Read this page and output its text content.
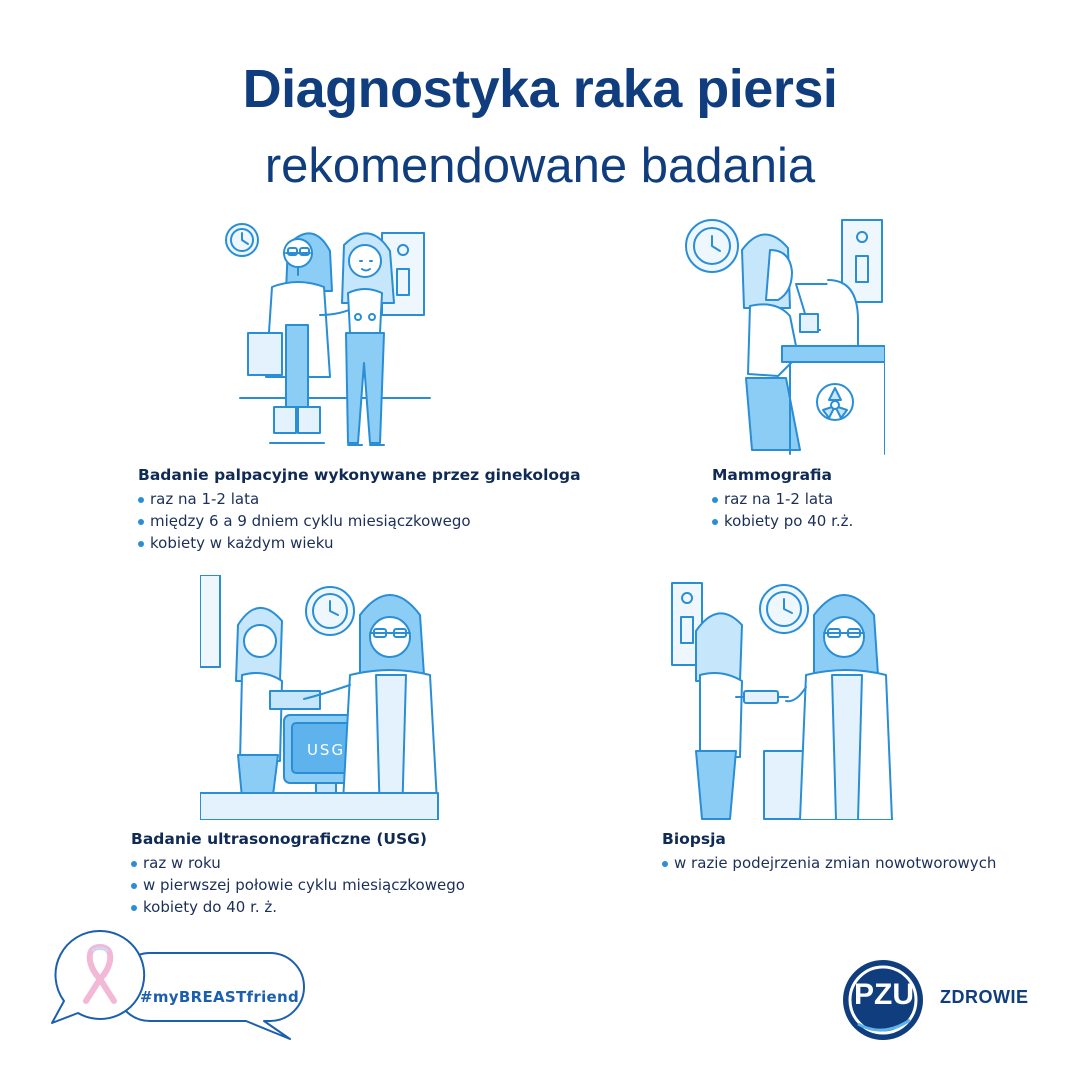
Diagnostyka raka piersi
rekomendowane badania
USG
Badanie palpacyjne wykonywane przez ginekologa
raz na 1-2 lata
między 6 a 9 dniem cyklu miesiączkowego
kobiety w każdym wieku
Mammografia
raz na 1-2 lata
kobiety po 40 r.ż.
Badanie ultrasonograficzne (USG)
raz w roku
w pierwszej połowie cyklu miesiączkowego
kobiety do 40 r. ż.
Biopsja
w razie podejrzenia zmian nowotworowych
#myBREASTfriend	PZU ZDROWIE
